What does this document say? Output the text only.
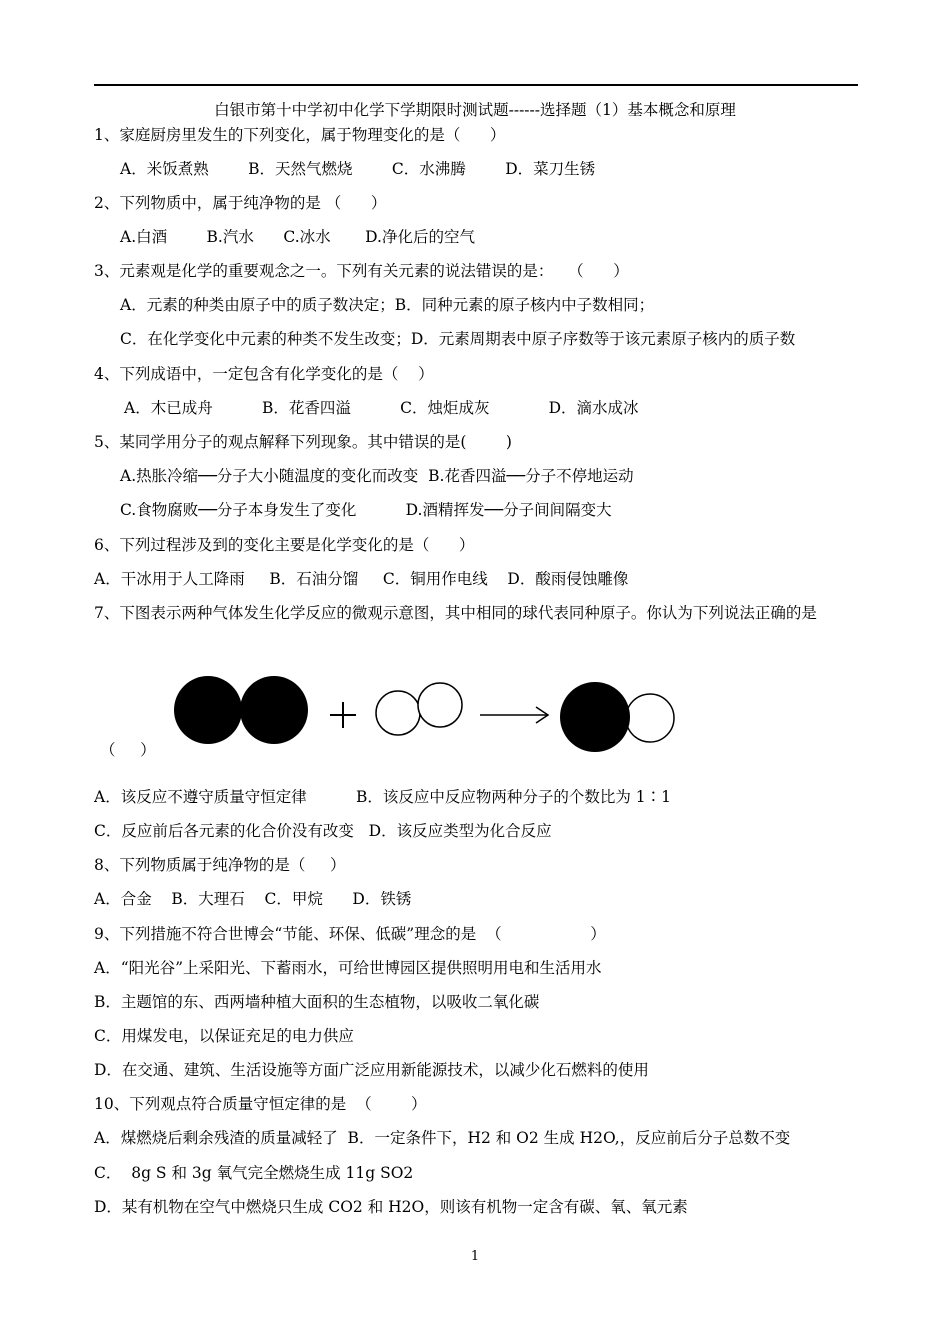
白银市第十中学初中化学下学期限时测试题------选择题（1）基本概念和原理
1、家庭厨房里发生的下列变化，属于物理变化的是（      ）
A．米饭煮熟        B．天然气燃烧        C．水沸腾        D．菜刀生锈
2、下列物质中，属于纯净物的是 （      ）
A.白酒        B.汽水      C.冰水       D.净化后的空气
3、元素观是化学的重要观念之一。下列有关元素的说法错误的是：   （      ）
A．元素的种类由原子中的质子数决定；B．同种元素的原子核内中子数相同；
C．在化学变化中元素的种类不发生改变；D．元素周期表中原子序数等于该元素原子核内的质子数
4、下列成语中，一定包含有化学变化的是（    ）
A．木已成舟          B．花香四溢          C．烛炬成灰            D．滴水成冰
5、某同学用分子的观点解释下列现象。其中错误的是(        )
A.热胀冷缩──分子大小随温度的变化而改变  B.花香四溢──分子不停地运动
C.食物腐败──分子本身发生了变化          D.酒精挥发──分子间间隔变大
6、下列过程涉及到的变化主要是化学变化的是（      ）
A．干冰用于人工降雨     B．石油分馏     C．铜用作电线    D．酸雨侵蚀雕像
7、下图表示两种气体发生化学反应的微观示意图，其中相同的球代表同种原子。你认为下列说法正确的是
（     ）
A．该反应不遵守质量守恒定律          B．该反应中反应物两种分子的个数比为 1∶1
C．反应前后各元素的化合价没有改变   D．该反应类型为化合反应
8、下列物质属于纯净物的是（     ）
A．合金    B．大理石    C．甲烷      D．铁锈
9、下列措施不符合世博会“节能、环保、低碳”理念的是  （                  ）
A．“阳光谷”上采阳光、下蓄雨水，可给世博园区提供照明用电和生活用水
B．主题馆的东、西两墙种植大面积的生态植物，以吸收二氧化碳
C．用煤发电，以保证充足的电力供应
D．在交通、建筑、生活设施等方面广泛应用新能源技术，以减少化石燃料的使用
10、下列观点符合质量守恒定律的是  （        ）
A．煤燃烧后剩余残渣的质量减轻了  B．一定条件下，H2 和 O2 生成 H2O,，反应前后分子总数不变
C．  8g S 和 3g 氧气完全燃烧生成 11g SO2
D．某有机物在空气中燃烧只生成 CO2 和 H2O，则该有机物一定含有碳、氧、氧元素
1
